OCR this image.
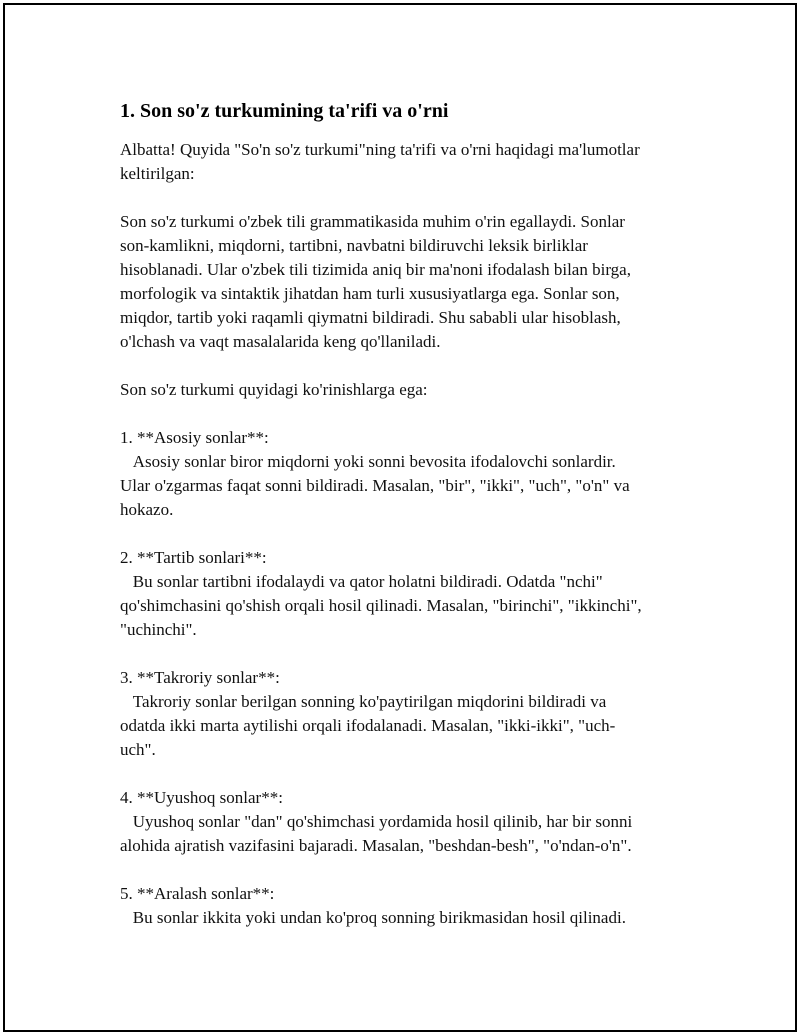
1. Son so'z turkumining ta'rifi va o'rni

Albatta! Quyida "So'n so'z turkumi"ning ta'rifi va o'rni haqidagi ma'lumotlar
keltirilgan:

Son so'z turkumi o'zbek tili grammatikasida muhim o'rin egallaydi. Sonlar
son-kamlikni, miqdorni, tartibni, navbatni bildiruvchi leksik birliklar
hisoblanadi. Ular o'zbek tili tizimida aniq bir ma'noni ifodalash bilan birga,
morfologik va sintaktik jihatdan ham turli xususiyatlarga ega. Sonlar son,
miqdor, tartib yoki raqamli qiymatni bildiradi. Shu sababli ular hisoblash,
o'lchash va vaqt masalalarida keng qo'llaniladi.

Son so'z turkumi quyidagi ko'rinishlarga ega:

1. **Asosiy sonlar**:
Asosiy sonlar biror miqdorni yoki sonni bevosita ifodalovchi sonlardir.
Ular o'zgarmas faqat sonni bildiradi. Masalan, "bir", "ikki", "uch", "o'n" va
hokazo.

2. **Tartib sonlari**:
Bu sonlar tartibni ifodalaydi va qator holatni bildiradi. Odatda "nchi"
qo'shimchasini qo'shish orqali hosil qilinadi. Masalan, "birinchi", "ikkinchi",
"uchinchi".

3. **Takroriy sonlar**:
Takroriy sonlar berilgan sonning ko'paytirilgan miqdorini bildiradi va
odatda ikki marta aytilishi orqali ifodalanadi. Masalan, "ikki-ikki", "uch-
uch".

4. **Uyushoq sonlar**:
Uyushoq sonlar "dan" qo'shimchasi yordamida hosil qilinib, har bir sonni
alohida ajratish vazifasini bajaradi. Masalan, "beshdan-besh", "o'ndan-o'n".

5. **Aralash sonlar**:
Bu sonlar ikkita yoki undan ko'proq sonning birikmasidan hosil qilinadi.
